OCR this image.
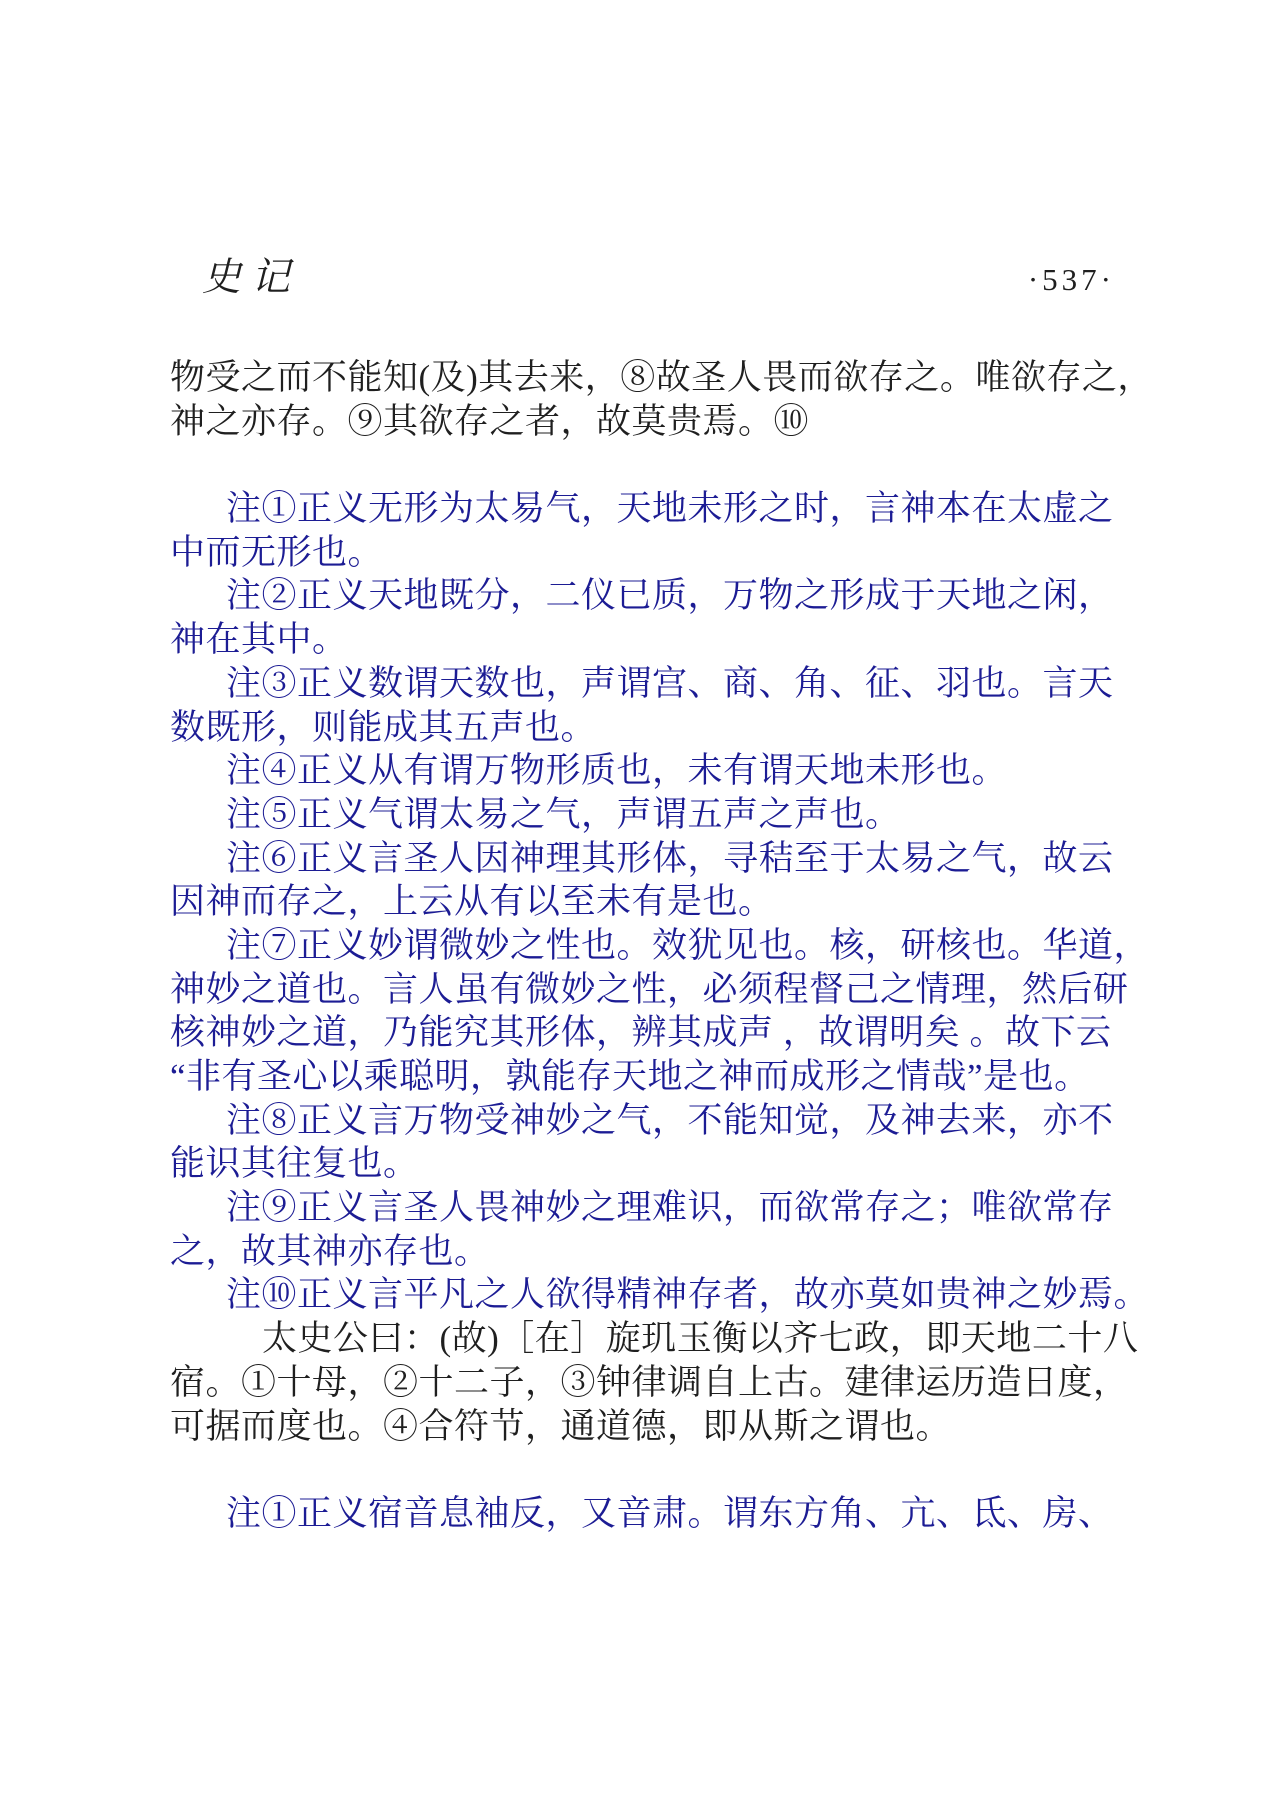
史记	·537·
物受之而不能知(及)其去来，⑧故圣人畏而欲存之。唯欲存之，
神之亦存。⑨其欲存之者，故莫贵焉。⑩
注①正义无形为太易气，天地未形之时，言神本在太虚之
中而无形也。
注②正义天地既分，二仪已质，万物之形成于天地之闲，
神在其中。
注③正义数谓天数也，声谓宫、商、角、征、羽也。言天
数既形，则能成其五声也。
注④正义从有谓万物形质也，未有谓天地未形也。
注⑤正义气谓太易之气，声谓五声之声也。
注⑥正义言圣人因神理其形体，寻秸至于太易之气，故云
因神而存之，上云从有以至未有是也。
注⑦正义妙谓微妙之性也。效犹见也。核，研核也。华道，
神妙之道也。言人虽有微妙之性，必须程督己之情理，然后研
核神妙之道，乃能究其形体，辨其成声 ，故谓明矣 。故下云
“非有圣心以乘聪明，孰能存天地之神而成形之情哉”是也。
注⑧正义言万物受神妙之气，不能知觉，及神去来，亦不
能识其往复也。
注⑨正义言圣人畏神妙之理难识，而欲常存之；唯欲常存
之，故其神亦存也。
注⑩正义言平凡之人欲得精神存者，故亦莫如贵神之妙焉。
太史公曰：(故)［在］旋玑玉衡以齐七政，即天地二十八
宿。①十母，②十二子，③钟律调自上古。建律运历造日度，
可据而度也。④合符节，通道德，即从斯之谓也。
注①正义宿音息袖反，又音肃。谓东方角、亢、氐、房、
